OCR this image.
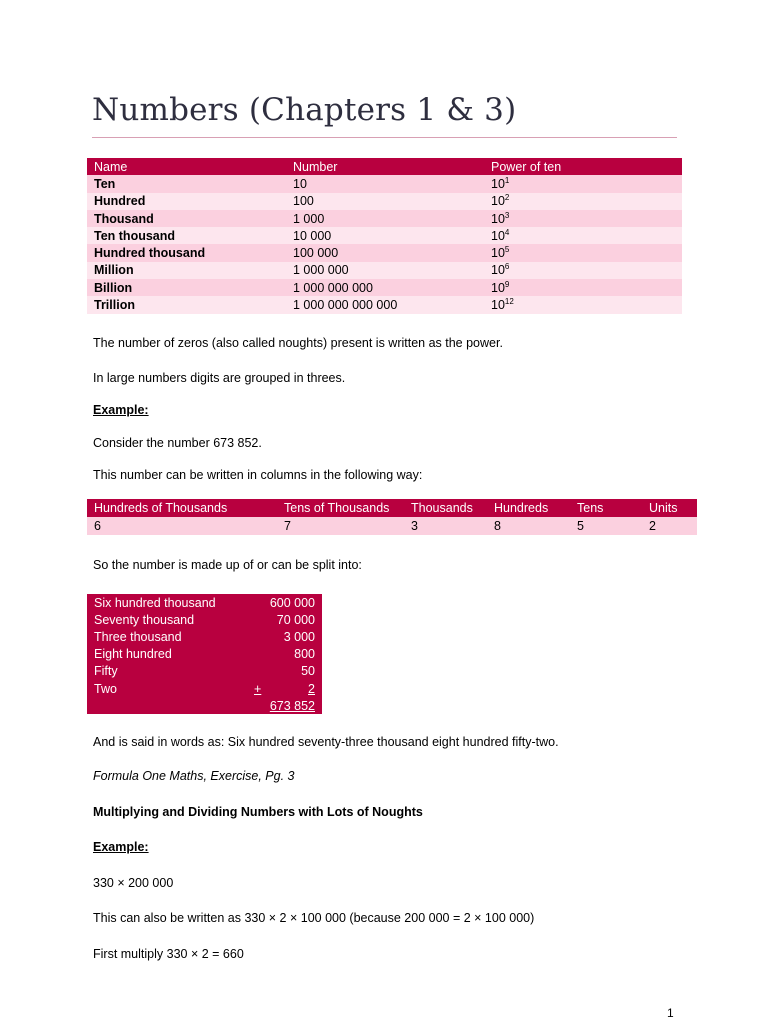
Numbers (Chapters 1 & 3)
Name	Number	Power of ten
Ten	10	$10^1$
Hundred	100	$10^2$
Thousand	1 000	$10^3$
Ten thousand	10 000	$10^4$
Hundred thousand	100 000	$10^5$
Million	1 000 000	$10^6$
Billion	1 000 000 000	$10^9$
Trillion	1 000 000 000 000	$10^{12}$

The number of zeros (also called noughts) present is written as the power.

In large numbers digits are grouped in threes.

Example:

Consider the number 673 852.

This number can be written in columns in the following way:

Hundreds of Thousands	Tens of Thousands	Thousands	Hundreds	Tens	Units
6	7	3	8	5	2

So the number is made up of or can be split into:

Six hundred thousand	600 000
Seventy thousand	70 000
Three thousand	3 000
Eight hundred	800
Fifty	50
Two	+ 2
	673 852

And is said in words as: Six hundred seventy-three thousand eight hundred fifty-two.

Formula One Maths, Exercise, Pg. 3

Multiplying and Dividing Numbers with Lots of Noughts

Example:

330 × 200 000

This can also be written as 330 × 2 × 100 000 (because 200 000 = 2 × 100 000)

First multiply 330 × 2 = 660

1
